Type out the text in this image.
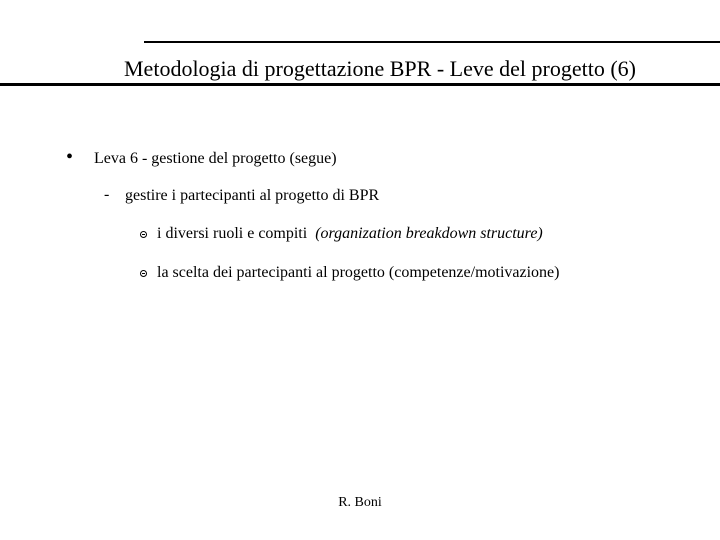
Metodologia di progettazione BPR - Leve del progetto (6)
• Leva 6 - gestione del progetto (segue)
- gestire i partecipanti al progetto di BPR
i diversi ruoli e compiti (organization breakdown structure)
la scelta dei partecipanti al progetto (competenze/motivazione)
R. Boni
